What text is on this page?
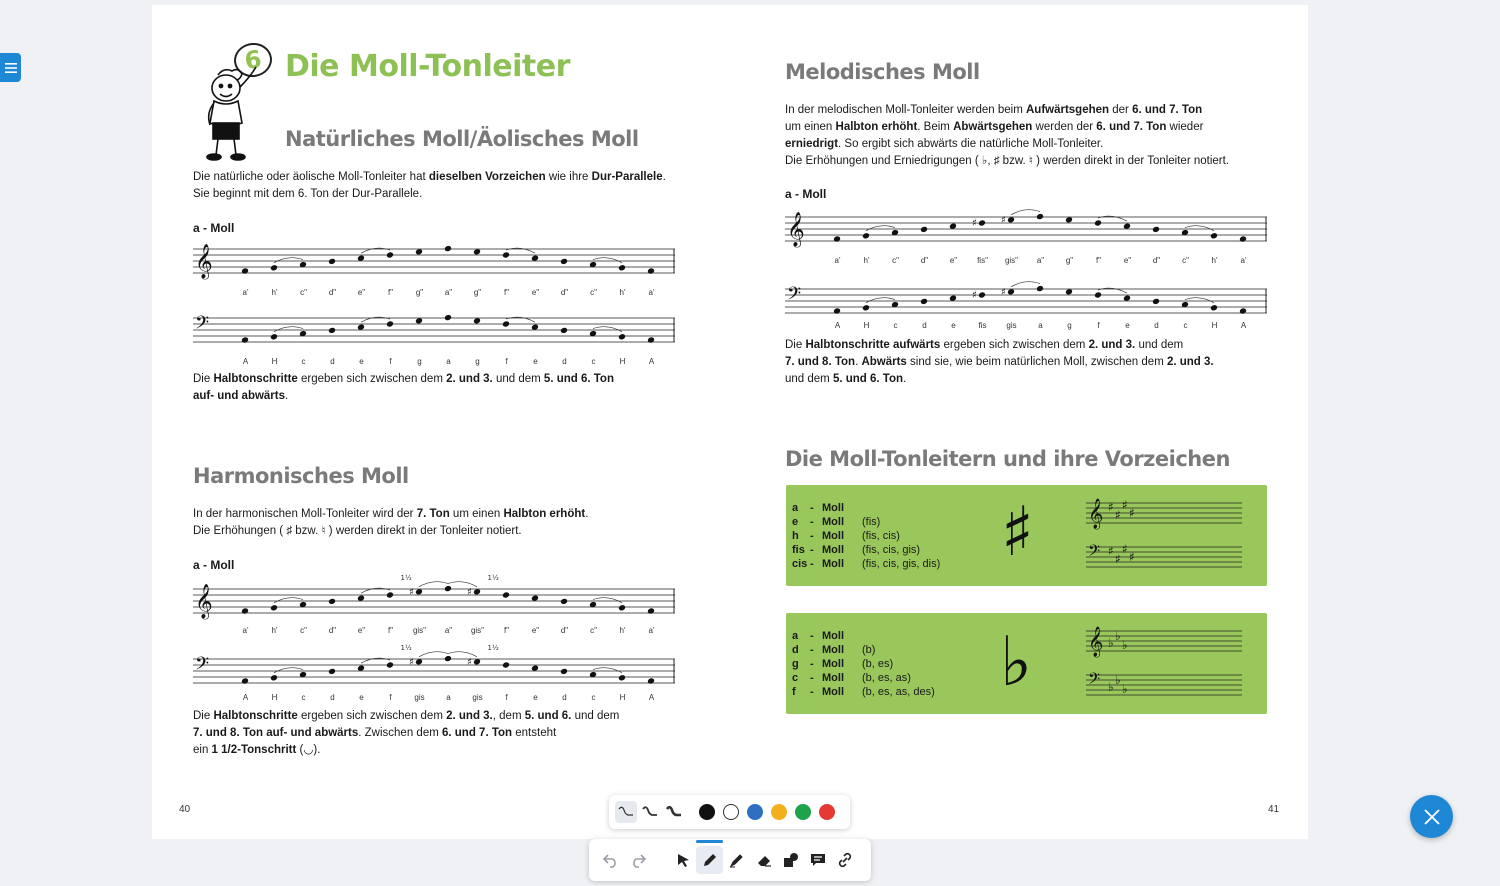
6 Die Moll-Tonleiter
Natürliches Moll/Äolisches Moll
Die natürliche oder äolische Moll-Tonleiter hat dieselben Vorzeichen wie ihre Dur-Parallele. Sie beginnt mit dem 6. Ton der Dur-Parallele.
a - Moll
𝄞
a'	h'	c"	d"	e"	f"	g"	a"	g"	f"	e"	d"	c"	h'	a'
𝄢
A	H	c	d	e	f	g	a	g	f	e	d	c	H	A
Die Halbtonschritte ergeben sich zwischen dem 2. und 3. und dem 5. und 6. Ton
auf- und abwärts.
Harmonisches Moll
In der harmonischen Moll-Tonleiter wird der 7. Ton um einen Halbton erhöht.
Die Erhöhungen ( ♯ bzw. ♮ ) werden direkt in der Tonleiter notiert.
a - Moll
𝄞	♯	♯
1½	1½
a'	h'	c"	d"	e"	f"	gis"	a"	gis"	f"	e"	d"	c"	h'	a'
𝄢	♯	♯
1½	1½
A	H	c	d	e	f	gis	a	gis	f	e	d	c	H	A
Die Halbtonschritte ergeben sich zwischen dem 2. und 3., dem 5. und 6. und dem
7. und 8. Ton auf- und abwärts. Zwischen dem 6. und 7. Ton entsteht
ein 1 1/2-Tonschritt (◡).
40
Melodisches Moll
In der melodischen Moll-Tonleiter werden beim Aufwärtsgehen der 6. und 7. Ton
um einen Halbton erhöht. Beim Abwärtsgehen werden der 6. und 7. Ton wieder
erniedrigt. So ergibt sich abwärts die natürliche Moll-Tonleiter.
Die Erhöhungen und Erniedrigungen ( ♭, ♯ bzw. ♮ ) werden direkt in der Tonleiter notiert.
a - Moll
𝄞	♯ ♯
a'	h'	c"	d"	e"	fis"	gis"	a"	g"	f"	e"	d"	c"	h'	a'
𝄢	♯ ♯
A	H	c	d	e	fis	gis	a	g	f	e	d	c	H	A
Die Halbtonschritte aufwärts ergeben sich zwischen dem 2. und 3. und dem
7. und 8. Ton. Abwärts sind sie, wie beim natürlichen Moll, zwischen dem 2. und 3.
und dem 5. und 6. Ton.
Die Moll-Tonleitern und ihre Vorzeichen
41
a	- Moll
e	- Moll	(fis)
h	- Moll	(fis, cis)
fis - Moll	(fis, cis, gis)
cis - Moll	(fis, cis, gis, dis) ♯ 𝄞 ♯
♯
♯
♯
𝄢 ♯
♯
♯
♯
a	- Moll
d	- Moll	(b)
g	- Moll	(b, es)
c	- Moll	(b, es, as)
f	- Moll	(b, es, as, des) ♭ 𝄞 ♭ ♭
♭
𝄢 ♭ ♭
♭
